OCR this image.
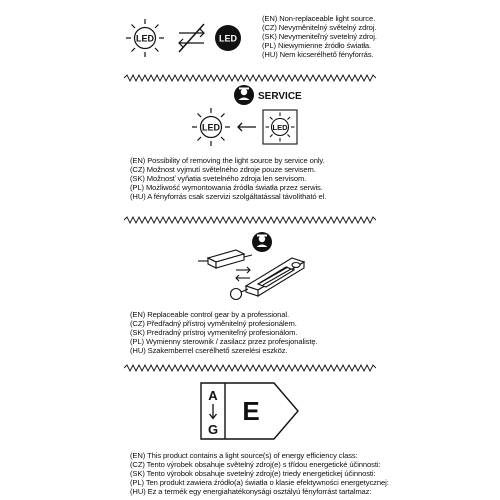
LED	LED
(EN) Non-replaceable light source.
(CZ) Nevyměnitelný světelný zdroj.
(SK) Nevymeniteľný svetelný zdroj.
(PL) Niewymienne źródło światła.
(HU) Nem kicserélhető fényforrás.
SERVICE
LED	LED
(EN) Possibility of removing the light source by service only.
(CZ) Možnost vyjmutí světelného zdroje pouze servisem.
(SK) Možnosť vyňatia svetelného zdroja len servisom.
(PL) Możliwość wymontowania źródła światła przez serwis.
(HU) A fényforrás csak szervizi szolgáltatással távolítható el.
(EN) Replaceable control gear by a professional.
(CZ) Předřadný přístroj vyměnitelný profesionálem.
(SK) Predradný prístroj vymeniteľný profesionálom.
(PL) Wymienny sterownik / zasilacz przez profesjonalistę.
(HU) Szakemberrel cserélhető szerelési eszköz.
A
G
E
(EN) This product contains a light source(s) of energy efficiency class:
(CZ) Tento výrobek obsahuje světelný zdroj(e) s třídou energetické účinnosti:
(SK) Tento výrobok obsahuje svetelný zdroj(e) triedy energetickej účinnosti:
(PL) Ten produkt zawiera źródło(a) światła o klasie efektywności energetycznej:
(HU) Ez a termék egy energiahatékonysági osztályú fényforrást tartalmaz:
